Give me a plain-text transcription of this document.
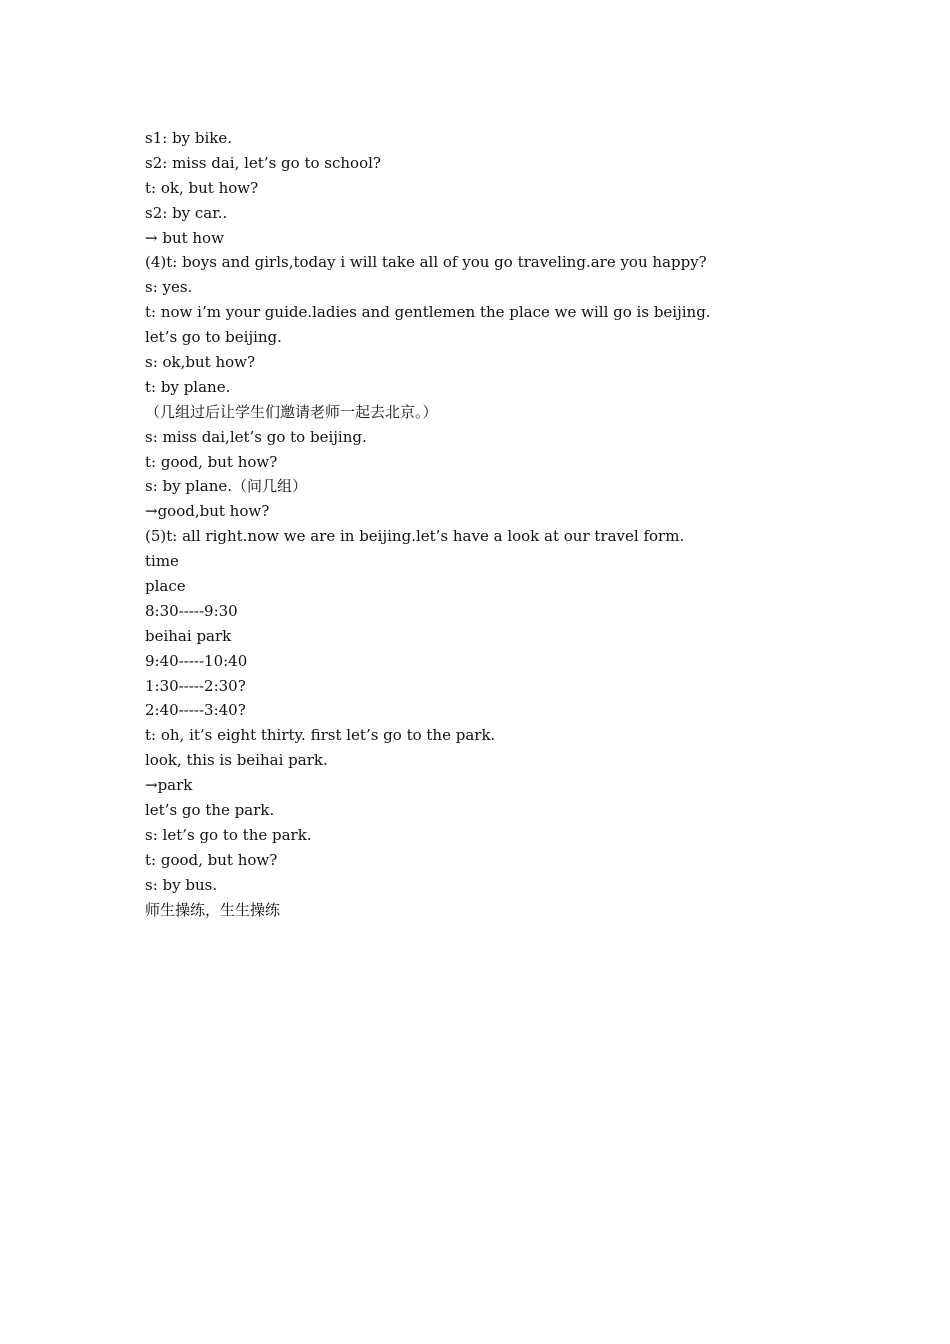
s1: by bike.
s2: miss dai, let’s go to school?
t: ok, but how?
s2: by car..
→ but how
(4)t: boys and girls,today i will take all of you go traveling.are you happy?
s: yes.
t: now i’m your guide.ladies and gentlemen the place we will go is beijing.
let’s go to beijing.
s: ok,but how?
t: by plane.
（几组过后让学生们邀请老师一起去北京。）
s: miss dai,let’s go to beijing.
t: good, but how?
s: by plane.（问几组）
→good,but how?
(5)t: all right.now we are in beijing.let’s have a look at our travel form.
time
place
8:30-----9:30
beihai park
9:40-----10:40
1:30-----2:30?
2:40-----3:40?
t: oh, it’s eight thirty. first let’s go to the park.
look, this is beihai park.
→park
let’s go the park.
s: let’s go to the park.
t: good, but how?
s: by bus.
师生操练，生生操练
